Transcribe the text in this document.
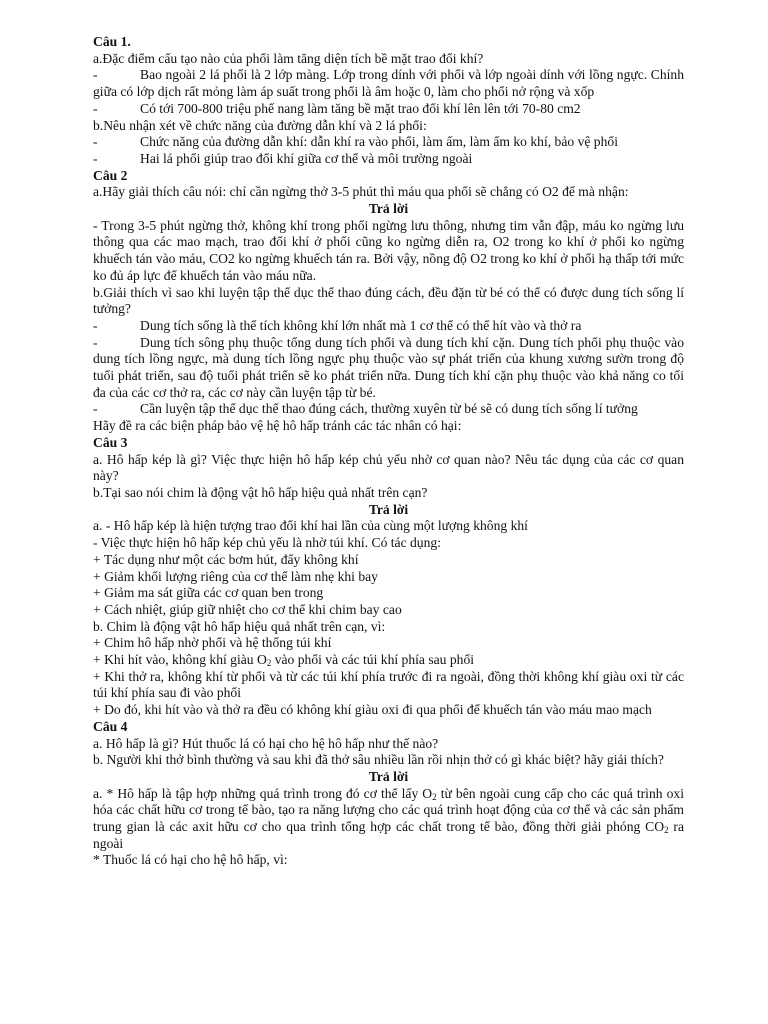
Câu 1.

a.Đặc điểm cấu tạo nào của phổi làm tăng diện tích bề mặt trao đổi khí?

-	Bao ngoài 2 lá phổi là 2 lớp màng. Lớp trong dính với phổi và lớp ngoài dính với lồng ngực. Chính giữa có lớp dịch rất mỏng làm áp suất trong phổi là âm hoặc 0, làm cho phổi nở rộng và xốp

-	Có tới 700-800 triệu phế nang làm tăng bề mặt trao đổi khí lên lên tới 70-80 cm2

b.Nêu nhận xét về chức năng của đường dẫn khí và 2 lá phổi:

-	Chức năng của đường dẫn khí: dẫn khí ra vào phổi, làm ấm, làm ẩm ko khí, bảo vệ phổi

-	Hai lá phổi giúp trao đổi khí giữa cơ thể và môi trường ngoài

Câu 2

a.Hãy giải thích câu nói: chỉ cần ngừng thở 3-5 phút thì máu qua phổi sẽ chẳng có O2 để mà nhận:

Trả lời

- Trong 3-5 phút ngừng thở, không khí trong phổi ngừng lưu thông, nhưng tim vẫn đập, máu ko ngừng lưu thông qua các mao mạch, trao đổi khí ở phổi cũng ko ngừng diễn ra, O2 trong ko khí ở phổi ko ngừng khuếch tán vào máu, CO2 ko ngừng khuếch tán ra. Bởi vậy, nồng độ O2 trong ko khí ở phổi hạ thấp tới mức ko đủ áp lực để khuếch tán vào máu nữa.

b.Giải thích vì sao khi luyện tập thể dục thể thao đúng cách, đều đặn từ bé có thể có được dung tích sống lí tưởng?

-	Dung tích sống là thể tích không khí lớn nhất mà 1 cơ thể có thể hít vào và thở ra

-	Dung tích sông phụ thuộc tổng dung tích phổi và dung tích khí cặn. Dung tích phổi phụ thuộc vào dung tích lồng ngực, mà dung tích lồng ngực phụ thuộc vào sự phát triển của khung xương sườn trong độ tuổi phát triển, sau độ tuổi phát triển sẽ ko phát triển nữa. Dung tích khí cặn phụ thuộc vào khả năng co tối đa của các cơ thở ra, các cơ này cần luyện tập từ bé.

-	Cần luyện tập thể dục thể thao đúng cách, thường xuyên từ bé sẽ có dung tích sống lí tưởng

Hãy đề ra các biện pháp bảo vệ hệ hô hấp tránh các tác nhân có hại:

Câu 3

a. Hô hấp kép là gì? Việc thực hiện hô hấp kép chủ yếu nhờ cơ quan nào? Nêu tác dụng của các cơ quan này?

b.Tại sao nói chim là động vật hô hấp hiệu quả nhất trên cạn?

Trả lời

a. - Hô hấp kép là hiện tượng trao đổi khí hai lần của cùng một lượng không khí

- Việc thực hiện hô hấp kép chủ yếu là nhờ túi khí. Có tác dụng:

+ Tác dụng như một các bơm hút, đẩy không khí

+ Giảm khối lượng riêng của cơ thể làm nhẹ khi bay

+ Giảm ma sát giữa các cơ quan ben trong

+ Cách nhiệt, giúp giữ nhiệt cho cơ thể khi chim bay cao

b. Chim là động vật hô hấp hiệu quả nhất trên cạn, vì:

+ Chim hô hấp nhờ phổi và hệ thống túi khí

+ Khi hít vào, không khí giàu $O_2$ vào phổi và các túi khí phía sau phổi

+ Khi thở ra, không khí từ phổi và từ các túi khí phía trước đi ra ngoài, đồng thời không khí giàu oxi từ các túi khí phía sau đi vào phổi

+ Do đó, khi hít vào và thở ra đều có không khí giàu oxi đi qua phổi để khuếch tán vào máu mao mạch

Câu 4

a. Hô hấp là gì? Hút thuốc lá có hại cho hệ hô hấp như thế nào?

b. Người khi thở bình thường và sau khi đã thở sâu nhiều lần rồi nhịn thở có gì khác biệt? hãy giải thích?

Trả lời

a. * Hô hấp là tập hợp những quá trình trong đó cơ thể lấy $O_2$ từ bên ngoài cung cấp cho các quá trình oxi hóa các chất hữu cơ trong tế bào, tạo ra năng lượng cho các quá trình hoạt động của cơ thể và các sản phẩm trung gian là các axit hữu cơ cho qua trình tổng hợp các chất trong tế bào, đồng thời giải phóng $CO_2$ ra ngoài

* Thuốc lá có hại cho hệ hô hấp, vì:
